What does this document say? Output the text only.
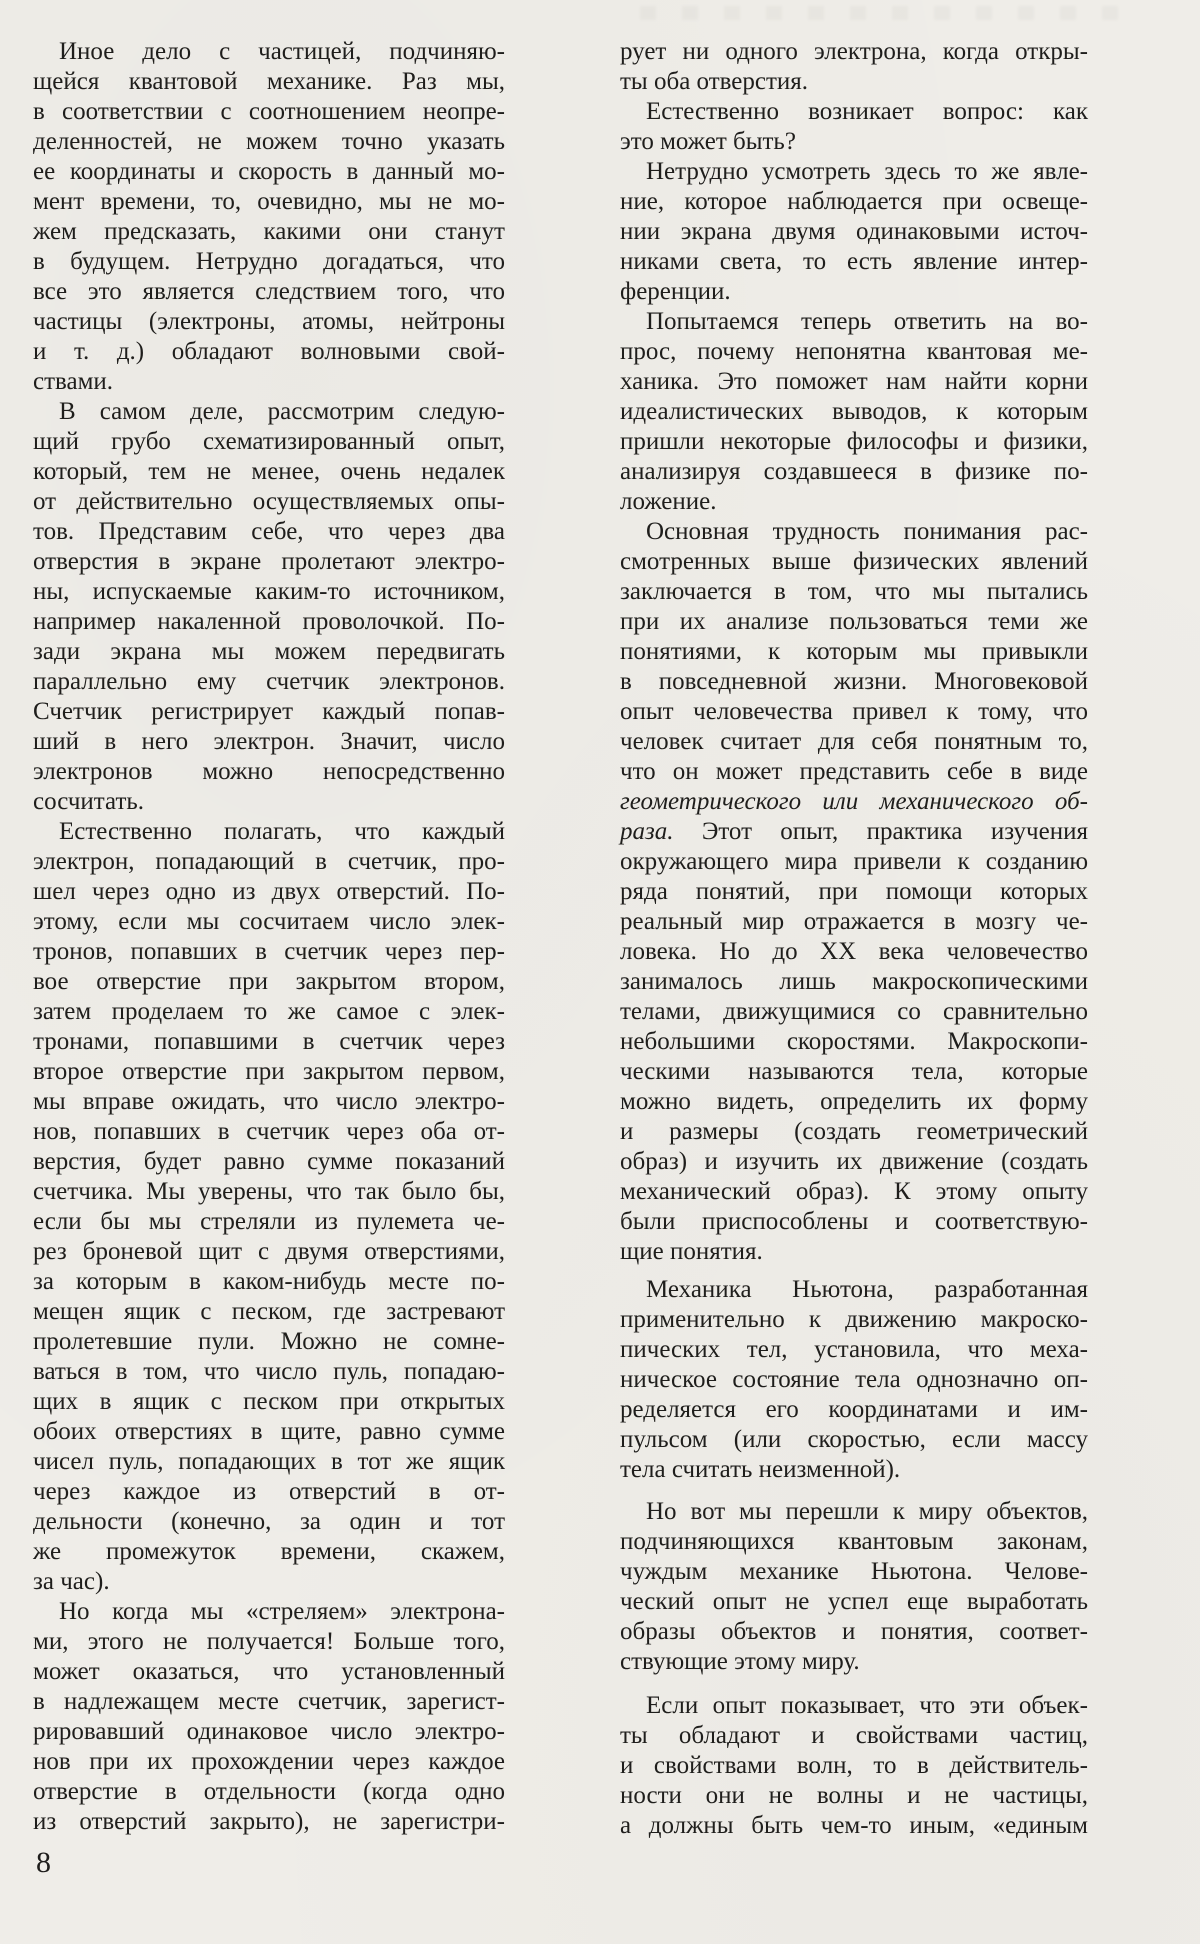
Иное дело с частицей, подчиняю-
щейся квантовой механике. Раз мы,
в соответствии с соотношением неопре-
деленностей, не можем точно указать
ее координаты и скорость в данный мо-
мент времени, то, очевидно, мы не мо-
жем предсказать, какими они станут
в будущем. Нетрудно догадаться, что
все это является следствием того, что
частицы (электроны, атомы, нейтроны
и т. д.) обладают волновыми свой-
ствами.
В самом деле, рассмотрим следую-
щий грубо схематизированный опыт,
который, тем не менее, очень недалек
от действительно осуществляемых опы-
тов. Представим себе, что через два
отверстия в экране пролетают электро-
ны, испускаемые каким-то источником,
например накаленной проволочкой. По-
зади экрана мы можем передвигать
параллельно ему счетчик электронов.
Счетчик регистрирует каждый попав-
ший в него электрон. Значит, число
электронов можно непосредственно
сосчитать.
Естественно полагать, что каждый
электрон, попадающий в счетчик, про-
шел через одно из двух отверстий. По-
этому, если мы сосчитаем число элек-
тронов, попавших в счетчик через пер-
вое отверстие при закрытом втором,
затем проделаем то же самое с элек-
тронами, попавшими в счетчик через
второе отверстие при закрытом первом,
мы вправе ожидать, что число электро-
нов, попавших в счетчик через оба от-
верстия, будет равно сумме показаний
счетчика. Мы уверены, что так было бы,
если бы мы стреляли из пулемета че-
рез броневой щит с двумя отверстиями,
за которым в каком-нибудь месте по-
мещен ящик с песком, где застревают
пролетевшие пули. Можно не сомне-
ваться в том, что число пуль, попадаю-
щих в ящик с песком при открытых
обоих отверстиях в щите, равно сумме
чисел пуль, попадающих в тот же ящик
через каждое из отверстий в от-
дельности (конечно, за один и тот
же промежуток времени, скажем,
за час).
Но когда мы «стреляем» электрона-
ми, этого не получается! Больше того,
может оказаться, что установленный
в надлежащем месте счетчик, зарегист-
рировавший одинаковое число электро-
нов при их прохождении через каждое
отверстие в отдельности (когда одно
из отверстий закрыто), не зарегистри-
рует ни одного электрона, когда откры-
ты оба отверстия.
Естественно возникает вопрос: как
это может быть?
Нетрудно усмотреть здесь то же явле-
ние, которое наблюдается при освеще-
нии экрана двумя одинаковыми источ-
никами света, то есть явление интер-
ференции.
Попытаемся теперь ответить на во-
прос, почему непонятна квантовая ме-
ханика. Это поможет нам найти корни
идеалистических выводов, к которым
пришли некоторые философы и физики,
анализируя создавшееся в физике по-
ложение.
Основная трудность понимания рас-
смотренных выше физических явлений
заключается в том, что мы пытались
при их анализе пользоваться теми же
понятиями, к которым мы привыкли
в повседневной жизни. Многовековой
опыт человечества привел к тому, что
человек считает для себя понятным то,
что он может представить себе в виде
геометрического или механического об-
раза. Этот опыт, практика изучения
окружающего мира привели к созданию
ряда понятий, при помощи которых
реальный мир отражается в мозгу че-
ловека. Но до XX века человечество
занималось лишь макроскопическими
телами, движущимися со сравнительно
небольшими скоростями. Макроскопи-
ческими называются тела, которые
можно видеть, определить их форму
и размеры (создать геометрический
образ) и изучить их движение (создать
механический образ). К этому опыту
были приспособлены и соответствую-
щие понятия.
Механика Ньютона, разработанная
применительно к движению макроско-
пических тел, установила, что меха-
ническое состояние тела однозначно оп-
ределяется его координатами и им-
пульсом (или скоростью, если массу
тела считать неизменной).
Но вот мы перешли к миру объектов,
подчиняющихся квантовым законам,
чуждым механике Ньютона. Челове-
ческий опыт не успел еще выработать
образы объектов и понятия, соответ-
ствующие этому миру.
Если опыт показывает, что эти объек-
ты обладают и свойствами частиц,
и свойствами волн, то в действитель-
ности они не волны и не частицы,
а должны быть чем-то иным, «единым
8
